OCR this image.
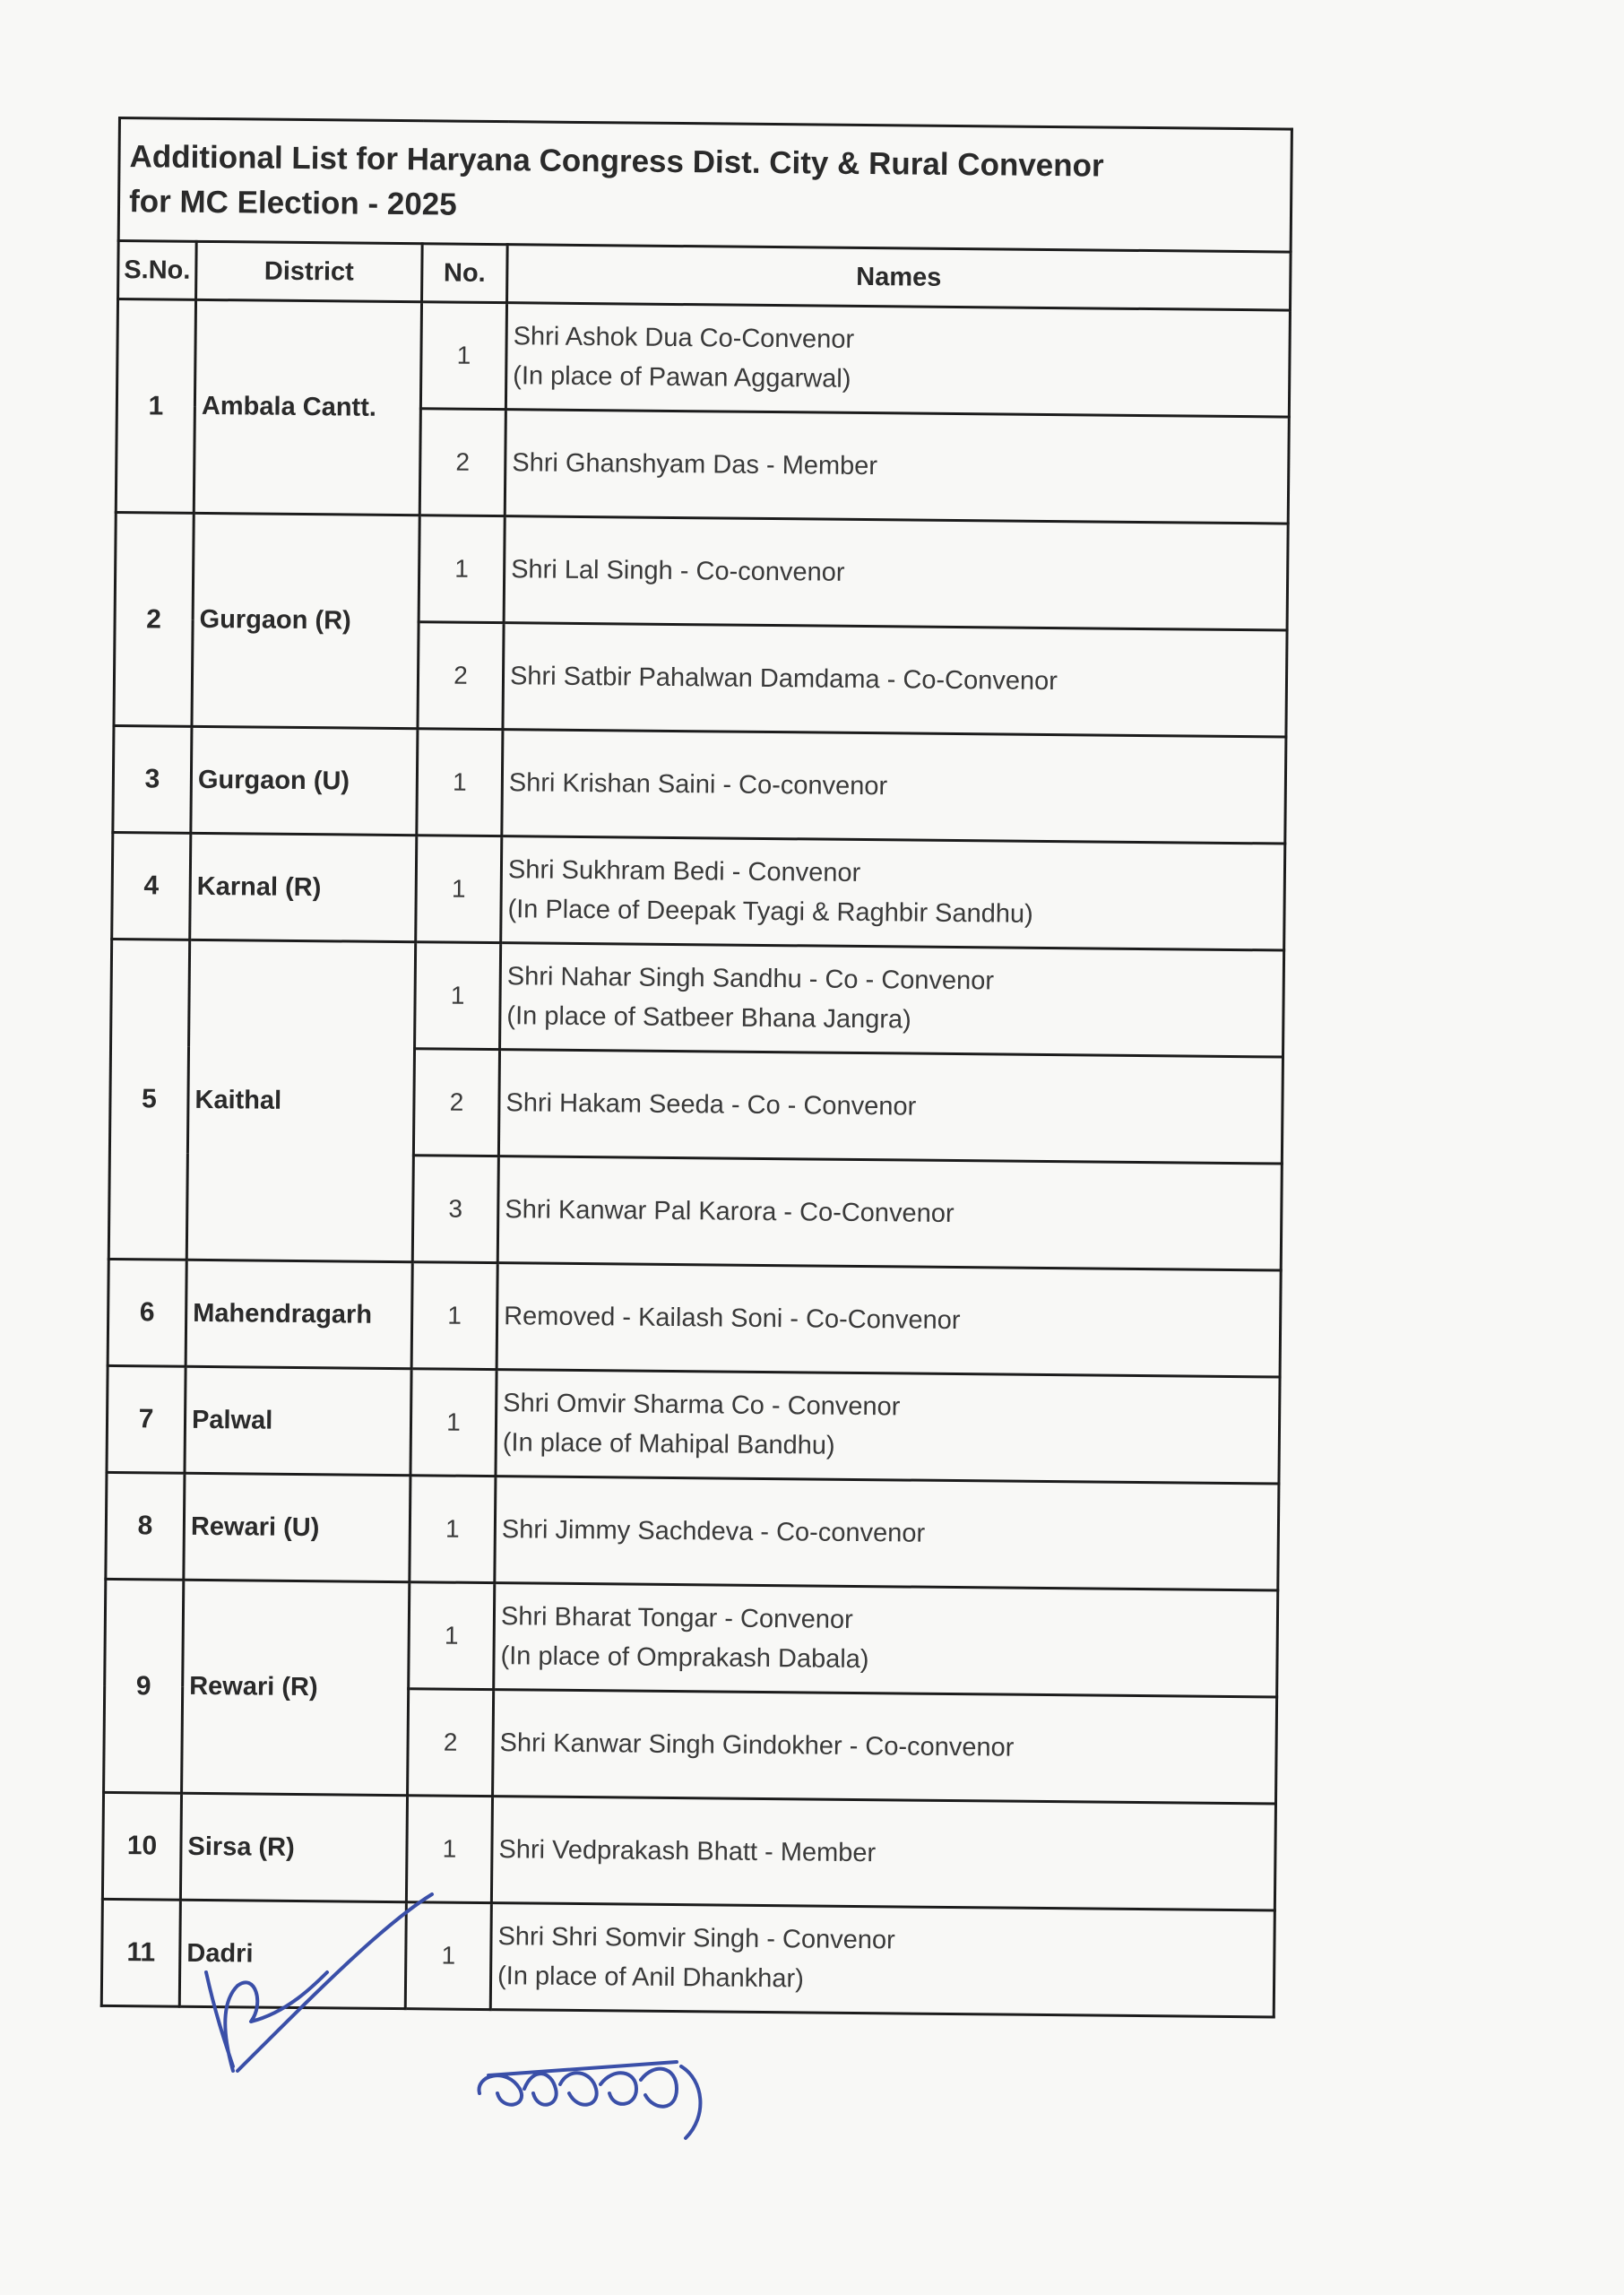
Additional List for Haryana Congress Dist. City & Rural Convenor
for MC Election - 2025			

S.No.	District	No.	Names
1	Ambala Cantt.	1	Shri Ashok Dua Co-Convenor
(In place of Pawan Aggarwal)

		2	Shri Ghanshyam Das - Member

2	Gurgaon (R)	1	Shri Lal Singh - Co-convenor

		2	Shri Satbir Pahalwan Damdama - Co-Convenor

3	Gurgaon (U)	1	Shri Krishan Saini - Co-convenor

4	Karnal (R)	1	Shri Sukhram Bedi - Convenor
(In Place of Deepak Tyagi & Raghbir Sandhu)

5	Kaithal	1	Shri Nahar Singh Sandhu - Co - Convenor
(In place of Satbeer Bhana Jangra)

		2	Shri Hakam Seeda - Co - Convenor

		3	Shri Kanwar Pal Karora - Co-Convenor

6	Mahendragarh	1	Removed - Kailash Soni - Co-Convenor

7	Palwal	1	Shri Omvir Sharma Co - Convenor
(In place of Mahipal Bandhu)

8	Rewari (U)	1	Shri Jimmy Sachdeva - Co-convenor

9	Rewari (R)	1	Shri Bharat Tongar - Convenor
(In place of Omprakash Dabala)

		2	Shri Kanwar Singh Gindokher - Co-convenor

10	Sirsa (R)	1	Shri Vedprakash Bhatt - Member

11	Dadri	1	Shri Shri Somvir Singh - Convenor
(In place of Anil Dhankhar)
